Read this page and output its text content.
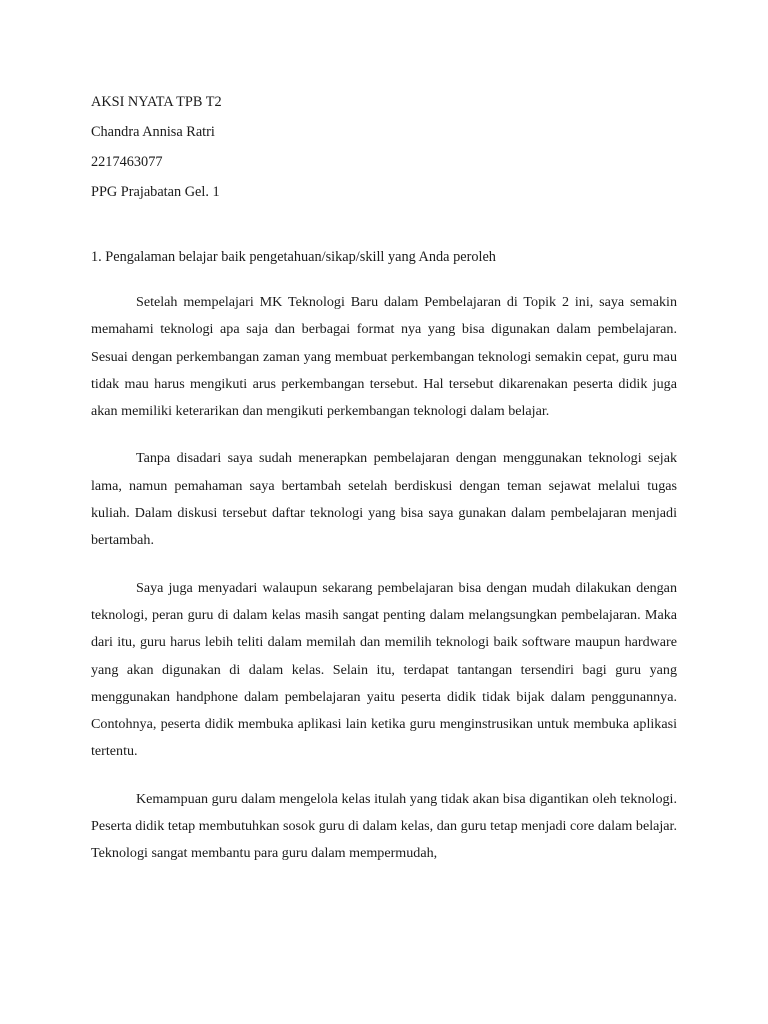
AKSI NYATA TPB T2
Chandra Annisa Ratri
2217463077
PPG Prajabatan Gel. 1
1. Pengalaman belajar baik pengetahuan/sikap/skill yang Anda peroleh

Setelah mempelajari MK Teknologi Baru dalam Pembelajaran di Topik 2 ini, saya semakin memahami teknologi apa saja dan berbagai format nya yang bisa digunakan dalam pembelajaran. Sesuai dengan perkembangan zaman yang membuat perkembangan teknologi semakin cepat, guru mau tidak mau harus mengikuti arus perkembangan tersebut. Hal tersebut dikarenakan peserta didik juga akan memiliki keterarikan dan mengikuti perkembangan teknologi dalam belajar.

Tanpa disadari saya sudah menerapkan pembelajaran dengan menggunakan teknologi sejak lama, namun pemahaman saya bertambah setelah berdiskusi dengan teman sejawat melalui tugas kuliah. Dalam diskusi tersebut daftar teknologi yang bisa saya gunakan dalam pembelajaran menjadi bertambah.

Saya juga menyadari walaupun sekarang pembelajaran bisa dengan mudah dilakukan dengan teknologi, peran guru di dalam kelas masih sangat penting dalam melangsungkan pembelajaran. Maka dari itu, guru harus lebih teliti dalam memilah dan memilih teknologi baik software maupun hardware yang akan digunakan di dalam kelas. Selain itu, terdapat tantangan tersendiri bagi guru yang menggunakan handphone dalam pembelajaran yaitu peserta didik tidak bijak dalam penggunannya. Contohnya, peserta didik membuka aplikasi lain ketika guru menginstrusikan untuk membuka aplikasi tertentu.

Kemampuan guru dalam mengelola kelas itulah yang tidak akan bisa digantikan oleh teknologi. Peserta didik tetap membutuhkan sosok guru di dalam kelas, dan guru tetap menjadi core dalam belajar. Teknologi sangat membantu para guru dalam mempermudah,
